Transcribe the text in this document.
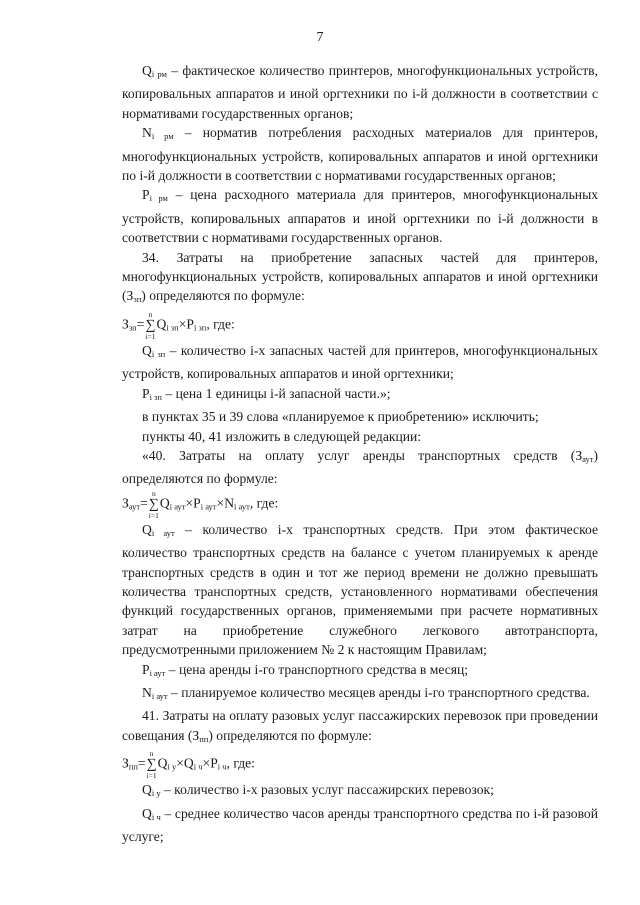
7

$Q_{i рм}$ – фактическое количество принтеров, многофункциональных устройств, копировальных аппаратов и иной оргтехники по i-й должности в соответствии с нормативами государственных органов;

$N_{i рм}$ – норматив потребления расходных материалов для принтеров, многофункциональных устройств, копировальных аппаратов и иной оргтехники по i-й должности в соответствии с нормативами государственных органов;

$P_{i рм}$ – цена расходного материала для принтеров, многофункциональных устройств, копировальных аппаратов и иной оргтехники по i-й должности в соответствии с нормативами государственных органов.

34. Затраты на приобретение запасных частей для принтеров, многофункциональных устройств, копировальных аппаратов и иной оргтехники $(З_{зп})$ определяются по формуле:

$З_{зп}=$
n
∑
i=1
$Q_{i зп}\times P_{i зп}$, где:

$Q_{i зп}$ – количество i-х запасных частей для принтеров, многофункциональных устройств, копировальных аппаратов и иной оргтехники;

$P_{i зп}$ – цена 1 единицы i-й запасной части.»;

в пунктах 35 и 39 слова «планируемое к приобретению» исключить;

пункты 40, 41 изложить в следующей редакции:

«40. Затраты на оплату услуг аренды транспортных средств $(З_{аут})$ определяются по формуле:

$З_{аут}=$
n
∑
i=1
$Q_{i аут}\times P_{i аут}\times N_{i аут}$, где:

$Q_{i аут}$ – количество i-х транспортных средств. При этом фактическое количество транспортных средств на балансе с учетом планируемых к аренде транспортных средств в один и тот же период времени не должно превышать количества транспортных средств, установленного нормативами обеспечения функций государственных органов, применяемыми при расчете нормативных затрат на приобретение служебного легкового автотранспорта, предусмотренными приложением № 2 к настоящим Правилам;

$P_{i аут}$ – цена аренды i-го транспортного средства в месяц;

$N_{i аут}$ – планируемое количество месяцев аренды i-го транспортного средства.

41. Затраты на оплату разовых услуг пассажирских перевозок при проведении совещания $(З_{пп})$ определяются по формуле:

$З_{пп}=$
n
∑
i=1
$Q_{i у}\times Q_{i ч}\times P_{i ч}$, где:

$Q_{i у}$ – количество i-х разовых услуг пассажирских перевозок;

$Q_{i ч}$ – среднее количество часов аренды транспортного средства по i-й разовой услуге;
